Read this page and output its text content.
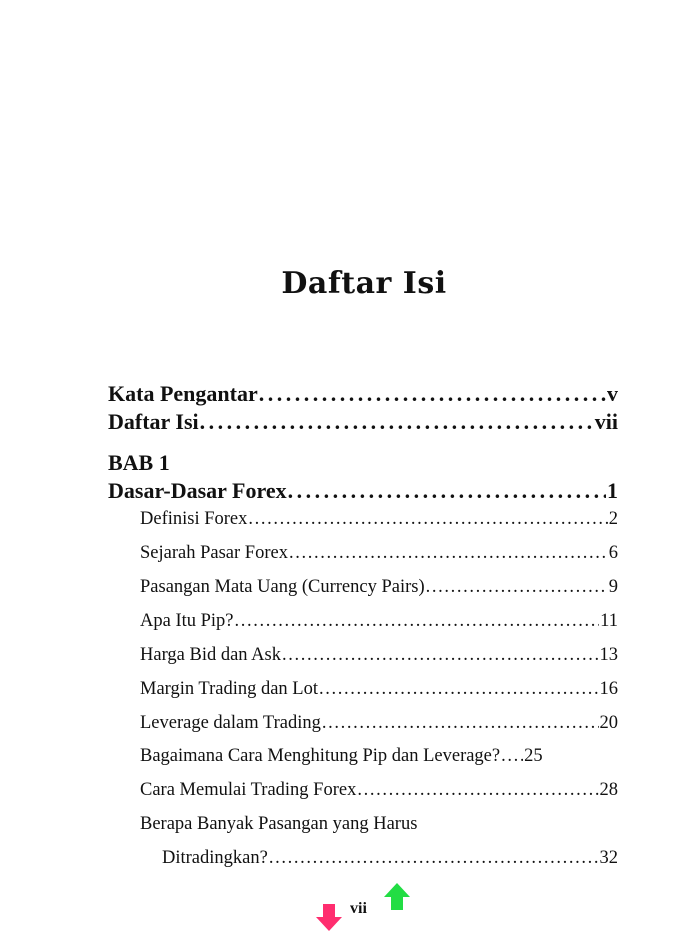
Daftar Isi
Kata Pengantar . . .	v
Daftar Isi . . .	vii
BAB 1
Dasar-Dasar Forex . . .	1
Definisi Forex . . .	2
Sejarah Pasar Forex . . .	6
Pasangan Mata Uang (Currency Pairs) . . .	9
Apa Itu Pip? . . .	11
Harga Bid dan Ask . . .	13
Margin Trading dan Lot . . .	16
Leverage dalam Trading . . .	20
Bagaimana Cara Menghitung Pip dan Leverage? . . . 25
Cara Memulai Trading Forex . . .	28
Berapa Banyak Pasangan yang Harus
Ditradingkan? . . .	32
vii
